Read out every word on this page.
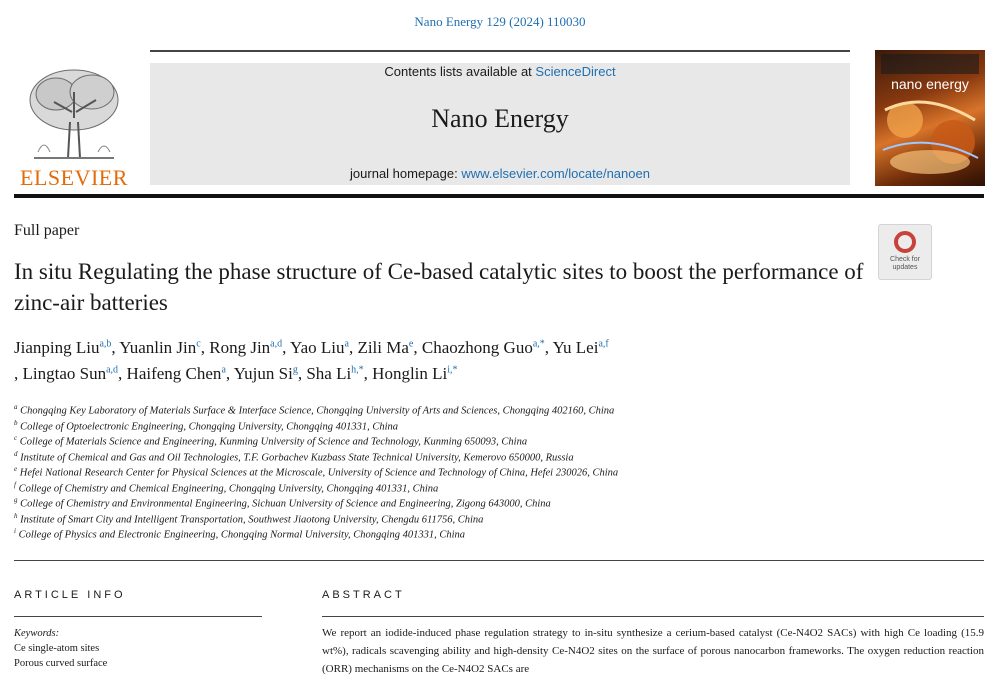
Nano Energy 129 (2024) 110030
ELSEVIER
Contents lists available at ScienceDirect
Nano Energy
journal homepage: www.elsevier.com/locate/nanoen
nano energy
Check for updates
Full paper
In situ Regulating the phase structure of Ce-based catalytic sites to boost the performance of zinc-air batteries
Jianping Liu$^{a,b}$, Yuanlin Jin$^c$, Rong Jin$^{a,d}$, Yao Liu$^a$, Zili Ma$^e$, Chaozhong Guo$^{a,*}$, Yu Lei$^{a,f}$
, Lingtao Sun$^{a,d}$, Haifeng Chen$^a$, Yujun Si$^g$, Sha $Li^{h,*}$, Honglin $Li^{i,*}$
$^a$ Chongqing Key Laboratory of Materials Surface & Interface Science, Chongqing University of Arts and Sciences, Chongqing 402160, China
$^b$ College of Optoelectronic Engineering, Chongqing University, Chongqing 401331, China
$^c$ College of Materials Science and Engineering, Kunming University of Science and Technology, Kunming 650093, China
$^d$ Institute of Chemical and Gas and Oil Technologies, T.F. Gorbachev Kuzbass State Technical University, Kemerovo 650000, Russia
$^e$ Hefei National Research Center for Physical Sciences at the Microscale, University of Science and Technology of China, Hefei 230026, China
$^f$ College of Chemistry and Chemical Engineering, Chongqing University, Chongqing 401331, China
$^g$ College of Chemistry and Environmental Engineering, Sichuan University of Science and Engineering, Zigong 643000, China
$^h$ Institute of Smart City and Intelligent Transportation, Southwest Jiaotong University, Chengdu 611756, China
$^i$ College of Physics and Electronic Engineering, Chongqing Normal University, Chongqing 401331, China
ARTICLE INFO	ABSTRACT
Keywords:
Ce single-atom sites
Porous curved surface
We report an iodide-induced phase regulation strategy to in-situ synthesize a cerium-based catalyst (Ce-N4O2 SACs) with high Ce loading (15.9 wt%), radicals scavenging ability and high-density Ce-N4O2 sites on the surface of porous nanocarbon frameworks. The oxygen reduction reaction (ORR) mechanisms on the Ce-N4O2 SACs are
